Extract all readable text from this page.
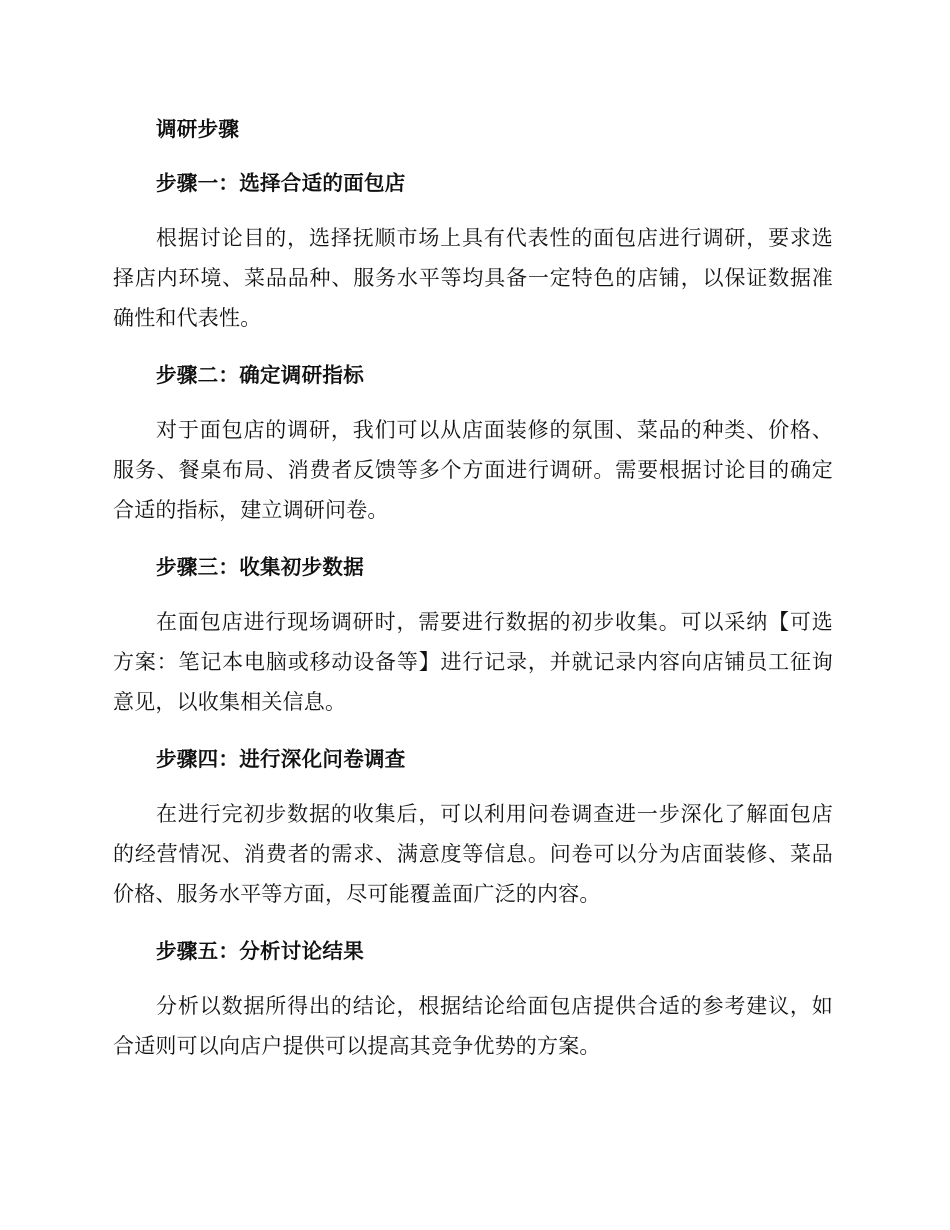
调研步骤

步骤一：选择合适的面包店

根据讨论目的，选择抚顺市场上具有代表性的面包店进行调研，要求选择店内环境、菜品品种、服务水平等均具备一定特色的店铺，以保证数据准确性和代表性。

步骤二：确定调研指标

对于面包店的调研，我们可以从店面装修的氛围、菜品的种类、价格、服务、餐桌布局、消费者反馈等多个方面进行调研。需要根据讨论目的确定合适的指标，建立调研问卷。

步骤三：收集初步数据

在面包店进行现场调研时，需要进行数据的初步收集。可以采纳【可选方案：笔记本电脑或移动设备等】进行记录，并就记录内容向店铺员工征询意见，以收集相关信息。

步骤四：进行深化问卷调查

在进行完初步数据的收集后，可以利用问卷调查进一步深化了解面包店的经营情况、消费者的需求、满意度等信息。问卷可以分为店面装修、菜品价格、服务水平等方面，尽可能覆盖面广泛的内容。

步骤五：分析讨论结果

分析以数据所得出的结论，根据结论给面包店提供合适的参考建议，如合适则可以向店户提供可以提高其竞争优势的方案。
